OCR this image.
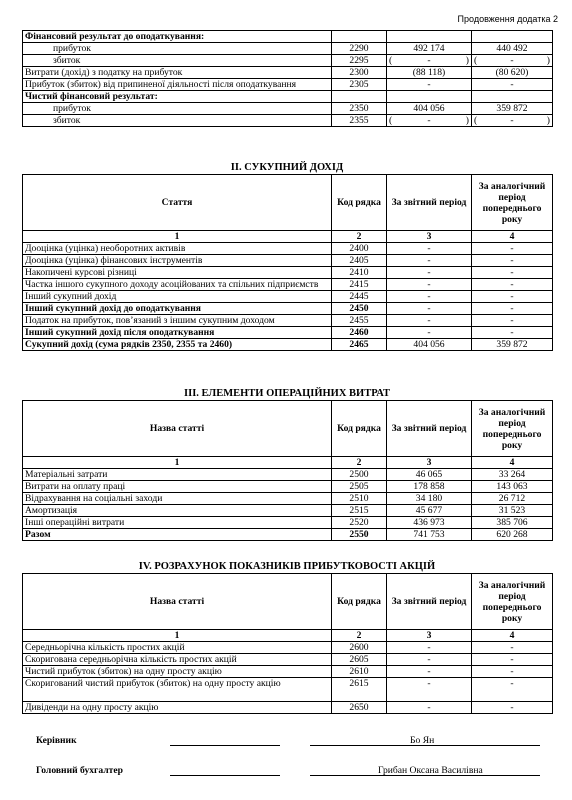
Продовження додатка 2
Фінансовий результат до оподаткування:			
прибуток	2290	492 174	440 492
збиток	2295	( - )	( - )

Витрати (дохід) з податку на прибуток	2300	(88 118)	(80 620)
Прибуток (збиток) від припиненої діяльності після оподаткування	2305	-	-
Чистий фінансовий результат:			
прибуток	2350	404 056	359 872
збиток	2355	( - )	( - )
II. СУКУПНИЙ ДОХІД
Стаття	Код рядка	За звітний період	За аналогічний період попереднього року
1	2	3	4
Дооцінка (уцінка) необоротних активів	2400	-	-
Дооцінка (уцінка) фінансових інструментів	2405	-	-
Накопичені курсові різниці	2410	-	-
Частка іншого сукупного доходу асоційованих та спільних підприємств	2415	-	-
Інший сукупний дохід	2445	-	-
Інший сукупний дохід до оподаткування	2450	-	-
Податок на прибуток, пов’язаний з іншим сукупним доходом	2455	-	-
Інший сукупний дохід після оподаткування	2460	-	-
Сукупний дохід (сума рядків 2350, 2355 та 2460)	2465	404 056	359 872
III. ЕЛЕМЕНТИ ОПЕРАЦІЙНИХ ВИТРАТ
Назва статті	Код рядка	За звітний період	За аналогічний період попереднього року
1	2	3	4
Матеріальні затрати	2500	46 065	33 264
Витрати на оплату праці	2505	178 858	143 063
Відрахування на соціальні заходи	2510	34 180	26 712
Амортизація	2515	45 677	31 523
Інші операційні витрати	2520	436 973	385 706
Разом	2550	741 753	620 268
IV. РОЗРАХУНОК ПОКАЗНИКІВ ПРИБУТКОВОСТІ АКЦІЙ
Назва статті	Код рядка	За звітний період	За аналогічний період попереднього року
1	2	3	4
Середньорічна кількість простих акцій	2600	-	-
Скоригована середньорічна кількість простих акцій	2605	-	-
Чистий прибуток (збиток) на одну просту акцію	2610	-	-
Скоригований чистий прибуток (збиток) на одну просту акцію	2615	-	-
Дивіденди на одну просту акцію	2650	-	-
Керівник	Бо Ян
Головний бухгалтер	Грибан Оксана Василівна
